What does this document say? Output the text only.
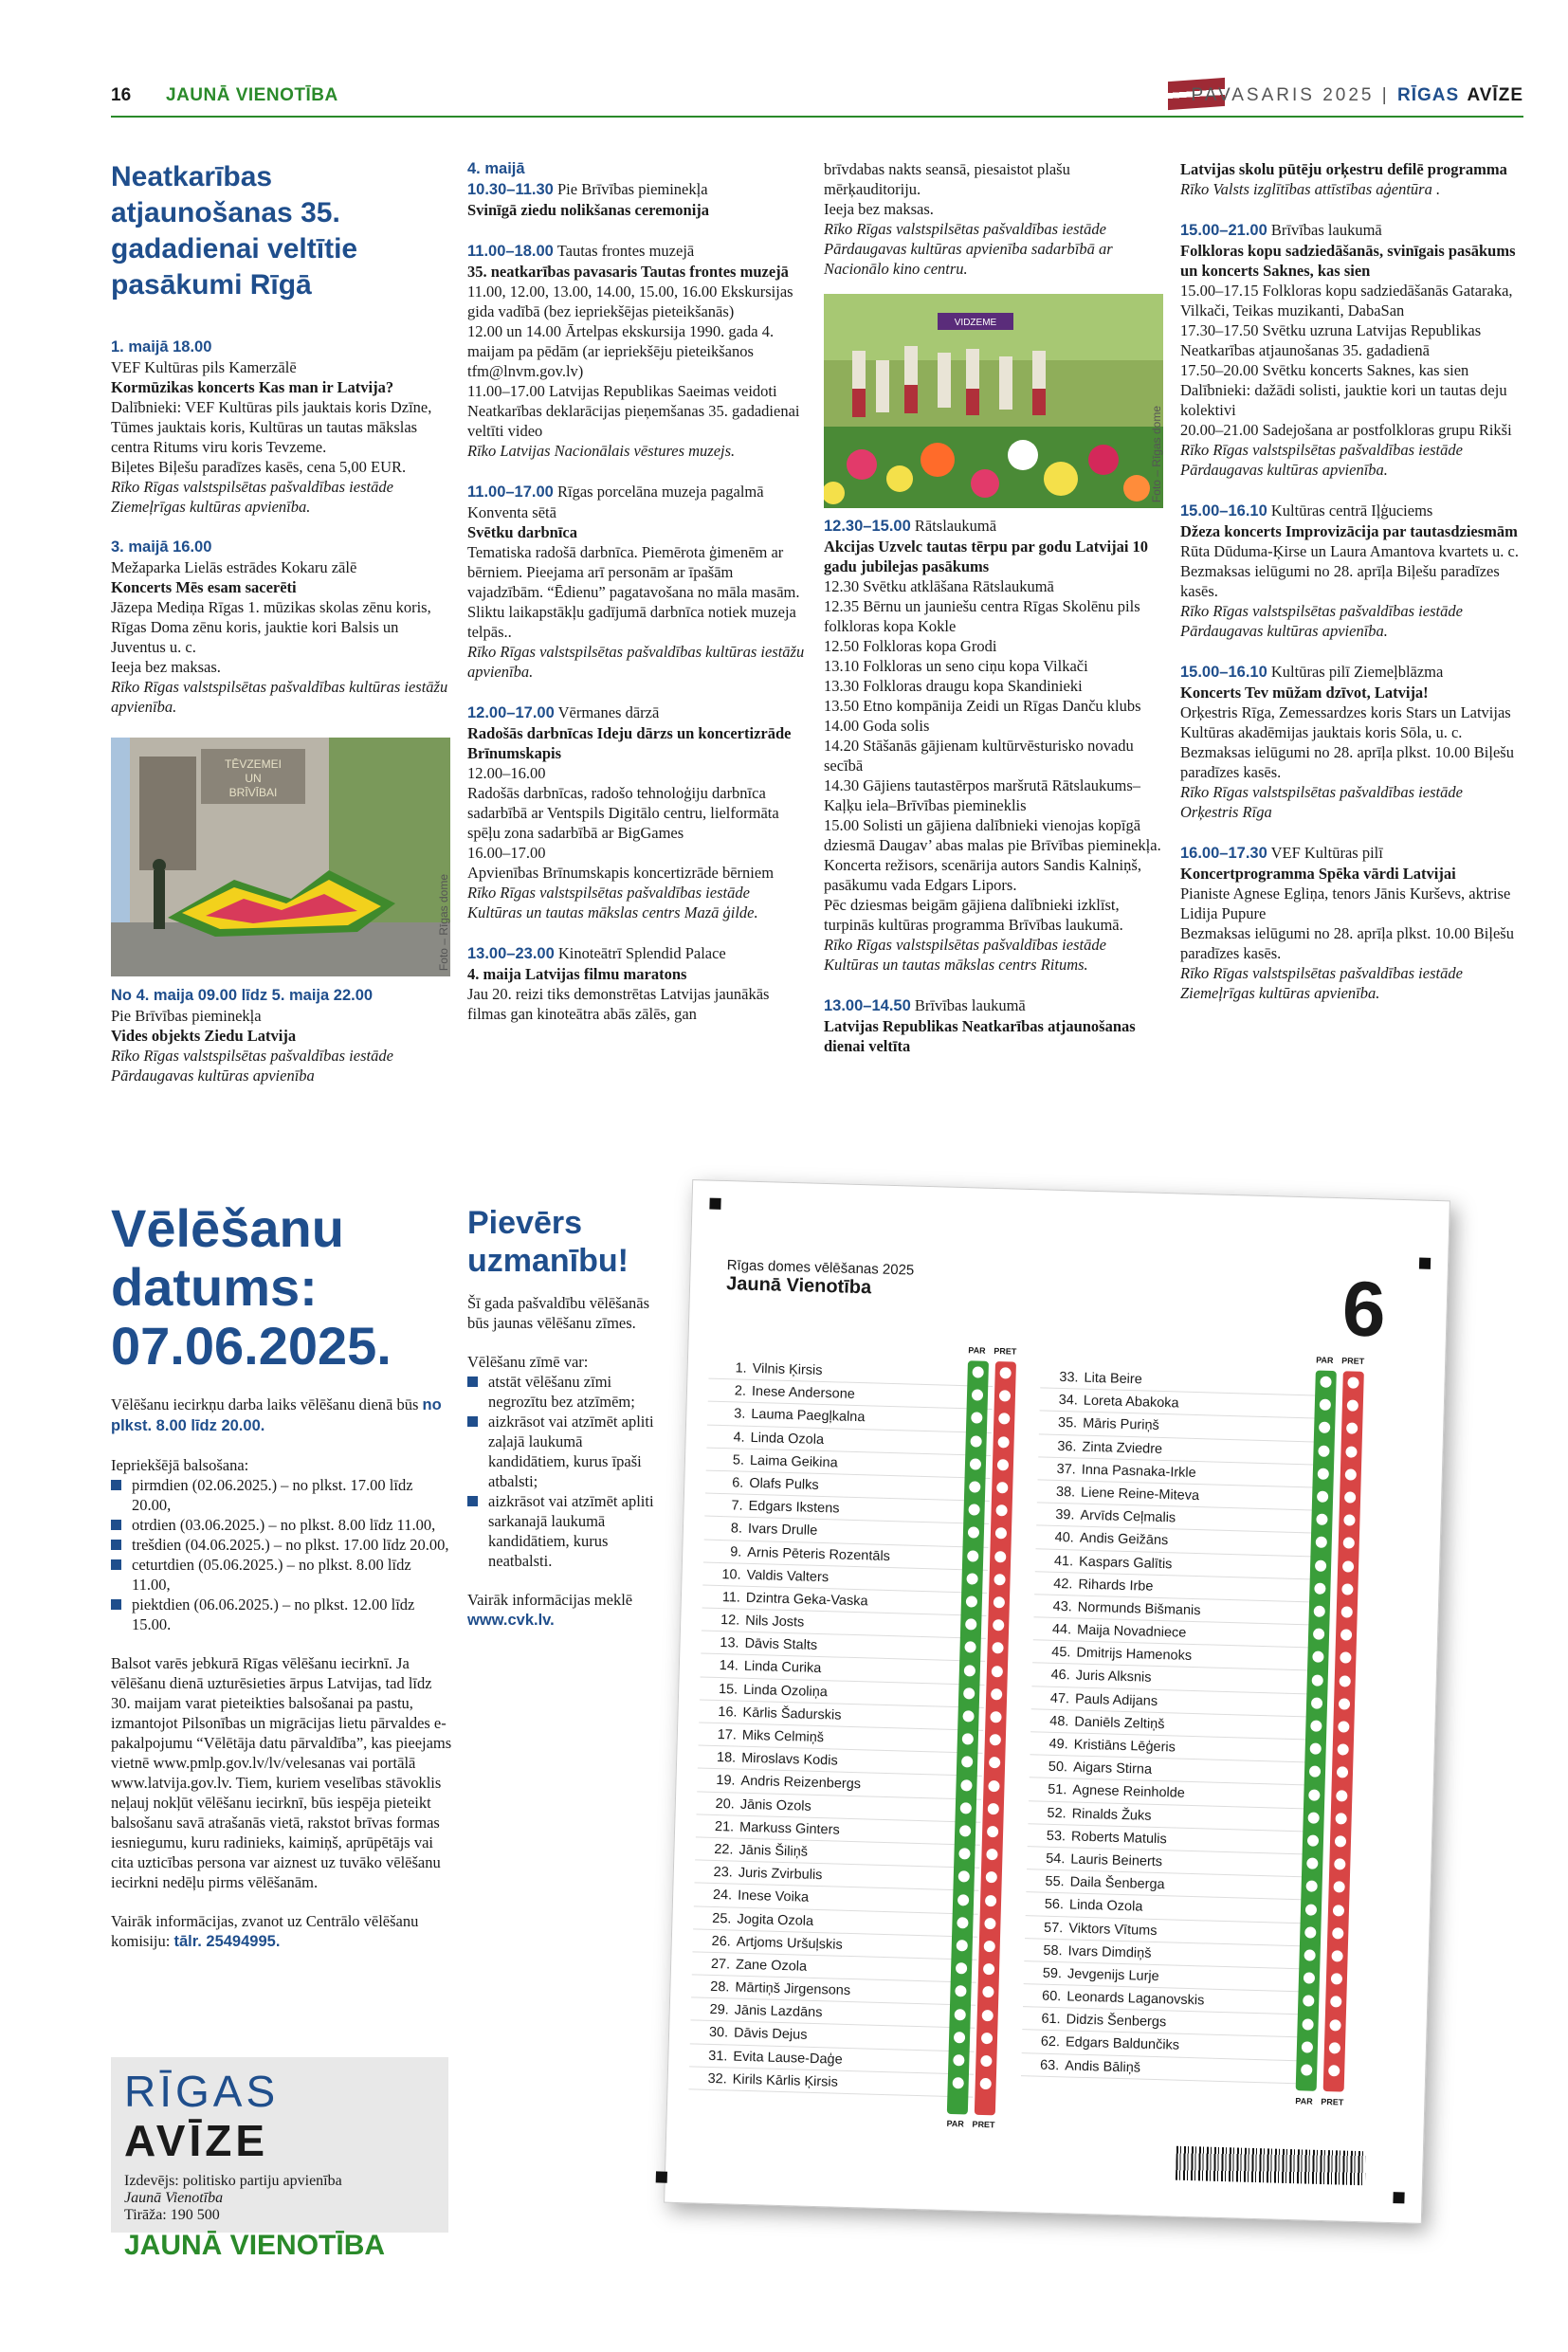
16 JAUNĀ VIENOTĪBA	PAVASARIS 2025 | RĪGAS AVĪZE
Neatkarības atjaunošanas 35. gadadienai veltītie pasākumi Rīgā
1. maijā 18.00

VEF Kultūras pils Kamerzālē

Kormūzikas koncerts Kas man ir Latvija?

Dalībnieki: VEF Kultūras pils jauktais koris Dzīne, Tūmes jauktais koris, Kultūras un tautas mākslas centra Ritums viru koris Tevzeme.

Biļetes Biļešu paradīzes kasēs, cena 5,00 EUR.

Rīko Rīgas valstspilsētas pašvaldības iestāde Ziemeļrīgas kultūras apvienība.

3. maijā 16.00

Mežaparka Lielās estrādes Kokaru zālē

Koncerts Mēs esam sacerēti

Jāzepa Mediņa Rīgas 1. mūzikas skolas zēnu koris, Rīgas Doma zēnu koris, jauktie kori Balsis un Juventus u. c.

Ieeja bez maksas.

Rīko Rīgas valstspilsētas pašvaldības kultūras iestāžu apvienība.

TĒVZEMEI
UN
BRĪVĪBAI
Foto – Rīgas dome
No 4. maija 09.00 līdz 5. maija 22.00

Pie Brīvības pieminekļa

Vides objekts Ziedu Latvija

Rīko Rīgas valstspilsētas pašvaldības iestāde Pārdaugavas kultūras apvienība

4. maijā

10.30–11.30 Pie Brīvības pieminekļa

Svinīgā ziedu nolikšanas ceremonija

11.00–18.00 Tautas frontes muzejā

35. neatkarības pavasaris Tautas frontes muzejā

11.00, 12.00, 13.00, 14.00, 15.00, 16.00 Ekskursijas gida vadībā (bez iepriekšējas pieteikšanās)

12.00 un 14.00 Ārtelpas ekskursija 1990. gada 4. maijam pa pēdām (ar iepriekšēju pieteikšanos tfm@lnvm.gov.lv)

11.00–17.00 Latvijas Republikas Saeimas veidoti Neatkarības deklarācijas pieņemšanas 35. gadadienai veltīti video

Rīko Latvijas Nacionālais vēstures muzejs.

11.00–17.00 Rīgas porcelāna muzeja pagalmā Konventa sētā

Svētku darbnīca

Tematiska radošā darbnīca. Piemērota ģimenēm ar bērniem. Pieejama arī personām ar īpašām vajadzībām. “Ēdienu” pagatavošana no māla masām.

Sliktu laikapstākļu gadījumā darbnīca notiek muzeja telpās..

Rīko Rīgas valstspilsētas pašvaldības kultūras iestāžu apvienība.

12.00–17.00 Vērmanes dārzā

Radošās darbnīcas Ideju dārzs un koncertizrāde Brīnumskapis

12.00–16.00

Radošās darbnīcas, radošo tehnoloģiju darbnīca sadarbībā ar Ventspils Digitālo centru, lielformāta spēļu zona sadarbībā ar BigGames

16.00–17.00

Apvienības Brīnumskapis koncertizrāde bērniem

Rīko Rīgas valstspilsētas pašvaldības iestāde Kultūras un tautas mākslas centrs Mazā ģilde.

13.00–23.00 Kinoteātrī Splendid Palace

4. maija Latvijas filmu maratons

Jau 20. reizi tiks demonstrētas Latvijas jaunākās filmas gan kinoteātra abās zālēs, gan

brīvdabas nakts seansā, piesaistot plašu mērķauditoriju.

Ieeja bez maksas.

Rīko Rīgas valstspilsētas pašvaldības iestāde Pārdaugavas kultūras apvienība sadarbībā ar Nacionālo kino centru.

VIDZEME
Foto – Rīgas dome

12.30–15.00 Rātslaukumā

Akcijas Uzvelc tautas tērpu par godu Latvijai 10 gadu jubilejas pasākums

12.30 Svētku atklāšana Rātslaukumā

12.35 Bērnu un jauniešu centra Rīgas Skolēnu pils folkloras kopa Kokle

12.50 Folkloras kopa Grodi

13.10 Folkloras un seno ciņu kopa Vilkači

13.30 Folkloras draugu kopa Skandinieki

13.50 Etno kompānija Zeidi un Rīgas Danču klubs

14.00 Goda solis

14.20 Stāšanās gājienam kultūrvēsturisko novadu secībā

14.30 Gājiens tautastērpos maršrutā Rātslaukums–Kaļķu iela–Brīvības piemineklis

15.00 Solisti un gājiena dalībnieki vienojas kopīgā dziesmā Daugav’ abas malas pie Brīvības pieminekļa.

Koncerta režisors, scenārija autors Sandis Kalniņš, pasākumu vada Edgars Lipors.

Pēc dziesmas beigām gājiena dalībnieki izklīst, turpinās kultūras programma Brīvības laukumā.

Rīko Rīgas valstspilsētas pašvaldības iestāde Kultūras un tautas mākslas centrs Ritums.

13.00–14.50 Brīvības laukumā

Latvijas Republikas Neatkarības atjaunošanas dienai veltīta

Latvijas skolu pūtēju orķestru defilē programma

Rīko Valsts izglītības attīstības aģentūra .

15.00–21.00 Brīvības laukumā

Folkloras kopu sadziedāšanās, svinīgais pasākums un koncerts Saknes, kas sien

15.00–17.15 Folkloras kopu sadziedāšanās Gataraka, Vilkači, Teikas muzikanti, DabaSan

17.30–17.50 Svētku uzruna Latvijas Republikas Neatkarības atjaunošanas 35. gadadienā

17.50–20.00 Svētku koncerts Saknes, kas sien

Dalībnieki: dažādi solisti, jauktie kori un tautas deju kolektivi

20.00–21.00 Sadejošana ar postfolkloras grupu Rikši

Rīko Rīgas valstspilsētas pašvaldības iestāde Pārdaugavas kultūras apvienība.

15.00–16.10 Kultūras centrā Iļģuciems

Džeza koncerts Improvizācija par tautasdziesmām

Rūta Dūduma-Ķirse un Laura Amantova kvartets u. c.

Bezmaksas ielūgumi no 28. aprīļa Biļešu paradīzes kasēs.

Rīko Rīgas valstspilsētas pašvaldības iestāde Pārdaugavas kultūras apvienība.

15.00–16.10 Kultūras pilī Ziemeļblāzma

Koncerts Tev mūžam dzīvot, Latvija!

Orķestris Rīga, Zemessardzes koris Stars un Latvijas Kultūras akadēmijas jauktais koris Sōla, u. c.

Bezmaksas ielūgumi no 28. aprīļa plkst. 10.00 Biļešu paradīzes kasēs.

Rīko Rīgas valstspilsētas pašvaldības iestāde Orķestris Rīga

16.00–17.30 VEF Kultūras pilī

Koncertprogramma Spēka vārdi Latvijai

Pianiste Agnese Egliņa, tenors Jānis Kurševs, aktrise Lidija Pupure

Bezmaksas ielūgumi no 28. aprīļa plkst. 10.00 Biļešu paradīzes kasēs.

Rīko Rīgas valstspilsētas pašvaldības iestāde Ziemeļrīgas kultūras apvienība.

Vēlēšanu
datums:
07.06.2025.

Vēlēšanu iecirkņu darba laiks vēlēšanu dienā būs no plkst. 8.00 līdz 20.00.

Iepriekšējā balsošana:

pirmdien (02.06.2025.) – no plkst. 17.00 līdz 20.00,
otrdien (03.06.2025.) – no plkst. 8.00 līdz 11.00,
trešdien (04.06.2025.) – no plkst. 17.00 līdz 20.00,
ceturtdien (05.06.2025.) – no plkst. 8.00 līdz 11.00,
piektdien (06.06.2025.) – no plkst. 12.00 līdz 15.00.

Balsot varēs jebkurā Rīgas vēlēšanu iecirknī. Ja vēlēšanu dienā uzturēsieties ārpus Latvijas, tad līdz 30. maijam varat pieteikties balsošanai pa pastu, izmantojot Pilsonības un migrācijas lietu pārvaldes e-pakalpojumu “Vēlētāja datu pārvaldība”, kas pieejams vietnē www.pmlp.gov.lv/lv/velesanas vai portālā www.latvija.gov.lv. Tiem, kuriem veselības stāvoklis neļauj nokļūt vēlēšanu iecirknī, būs iespēja pieteikt balsošanu savā atrašanās vietā, rakstot brīvas formas iesniegumu, kuru radinieks, kaimiņš, aprūpētājs vai cita uzticības persona var aiznest uz tuvāko vēlēšanu iecirkni nedēļu pirms vēlēšanām.

Vairāk informācijas, zvanot uz Centrālo vēlēšanu komisiju: tālr. 25494995.

Pievērs
uzmanību!

Šī gada pašvaldību vēlēšanās būs jaunas vēlēšanu zīmes.

Vēlēšanu zīmē var:

atstāt vēlēšanu zīmi negrozītu bez atzīmēm;
aizkrāsot vai atzīmēt apliti zaļajā laukumā kandidātiem, kurus īpaši atbalsti;
aizkrāsot vai atzīmēt apliti sarkanajā laukumā kandidātiem, kurus neatbalsti.

Vairāk informācijas meklē

www.cvk.lv.
RĪGAS AVĪZE

Izdevējs: politisko partiju apvienība

Jaunā Vienotība

Tirāža: 190 500

JAUNĀ VIENOTĪBA

Rīgas domes vēlēšanas 2025
Jaunā Vienotība	6
1. Vilnis Ķirsis
2. Inese Andersone
3. Lauma Paegļkalna
4. Linda Ozola
5. Laima Geikina
6. Olafs Pulks
7. Edgars Ikstens
8. Ivars Drulle
9. Arnis Pēteris Rozentāls
10. Valdis Valters
11. Dzintra Geka-Vaska
12. Nils Josts
13. Dāvis Stalts
14. Linda Curika
15. Linda Ozoliņa
16. Kārlis Šadurskis
17. Miks Celmiņš
18. Miroslavs Kodis
19. Andris Reizenbergs
20. Jānis Ozols
21. Markuss Ginters
22. Jānis Šiliņš
23. Juris Zvirbulis
24. Inese Voika
25. Jogita Ozola
26. Artjoms Uršuļskis
27. Zane Ozola
28. Mārtiņš Jirgensons
29. Jānis Lazdāns
30. Dāvis Dejus
31. Evita Lause-Daģe
32. Kirils Kārlis Ķirsis
PAR PRET
PAR PRET
33. Lita Beire
34. Loreta Abakoka
35. Māris Puriņš
36. Zinta Zviedre
37. Inna Pasnaka-Irkle
38. Liene Reine-Miteva
39. Arvīds Ceļmalis
40. Andis Geižāns
41. Kaspars Galītis
42. Rihards Irbe
43. Normunds Bišmanis
44. Maija Novadniece
45. Dmitrijs Hamenoks
46. Juris Alksnis
47. Pauls Adijans
48. Daniēls Zeltiņš
49. Kristiāns Lēģeris
50. Aigars Stirna
51. Agnese Reinholde
52. Rinalds Žuks
53. Roberts Matulis
54. Lauris Beinerts
55. Daila Šenberga
56. Linda Ozola
57. Viktors Vītums
58. Ivars Dimdiņš
59. Jevgenijs Lurje
60. Leonards Laganovskis
61. Didzis Šenbergs
62. Edgars Baldunčiks
63. Andis Bāliņš
PAR PRET
PAR PRET
